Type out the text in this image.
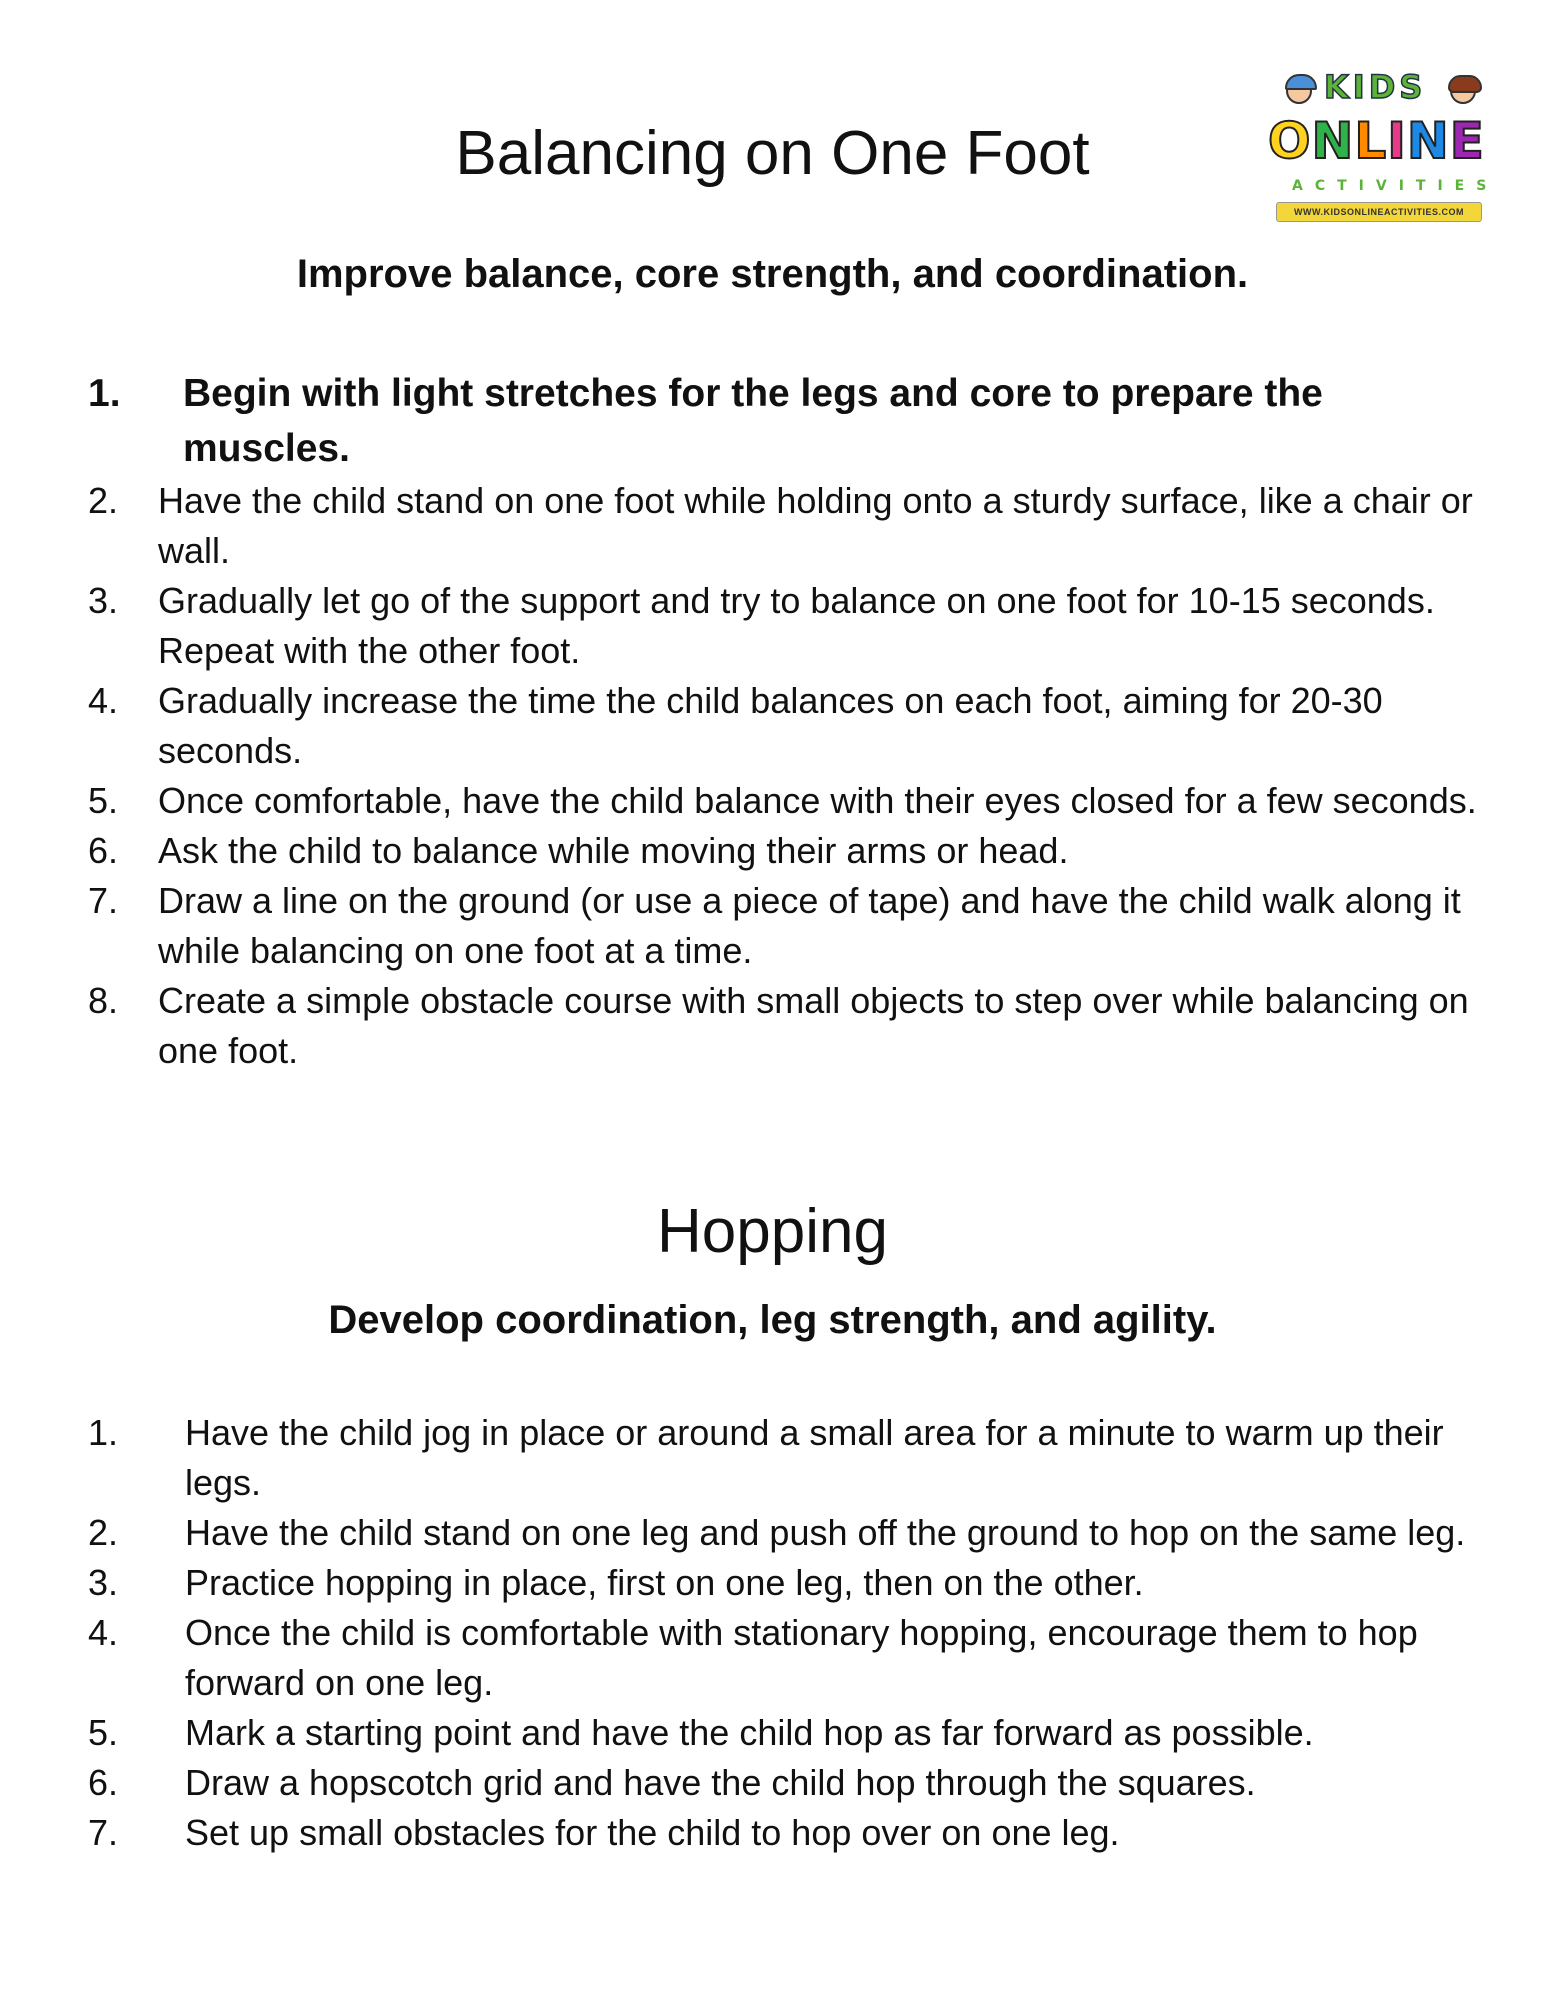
KIDS
ONLINE
ACTIVITIES
WWW.KIDSONLINEACTIVITIES.COM
Balancing on One Foot
Improve balance, core strength, and coordination.
1. Begin with light stretches for the legs and core to prepare the muscles.
2. Have the child stand on one foot while holding onto a sturdy surface, like a chair or wall.
3. Gradually let go of the support and try to balance on one foot for 10-15 seconds. Repeat with the other foot.
4. Gradually increase the time the child balances on each foot, aiming for 20-30 seconds.
5. Once comfortable, have the child balance with their eyes closed for a few seconds.
6. Ask the child to balance while moving their arms or head.
7. Draw a line on the ground (or use a piece of tape) and have the child walk along it while balancing on one foot at a time.
8. Create a simple obstacle course with small objects to step over while balancing on one foot.
Hopping
Develop coordination, leg strength, and agility.
1. Have the child jog in place or around a small area for a minute to warm up their legs.
2. Have the child stand on one leg and push off the ground to hop on the same leg.
3. Practice hopping in place, first on one leg, then on the other.
4. Once the child is comfortable with stationary hopping, encourage them to hop forward on one leg.
5. Mark a starting point and have the child hop as far forward as possible.
6. Draw a hopscotch grid and have the child hop through the squares.
7. Set up small obstacles for the child to hop over on one leg.
